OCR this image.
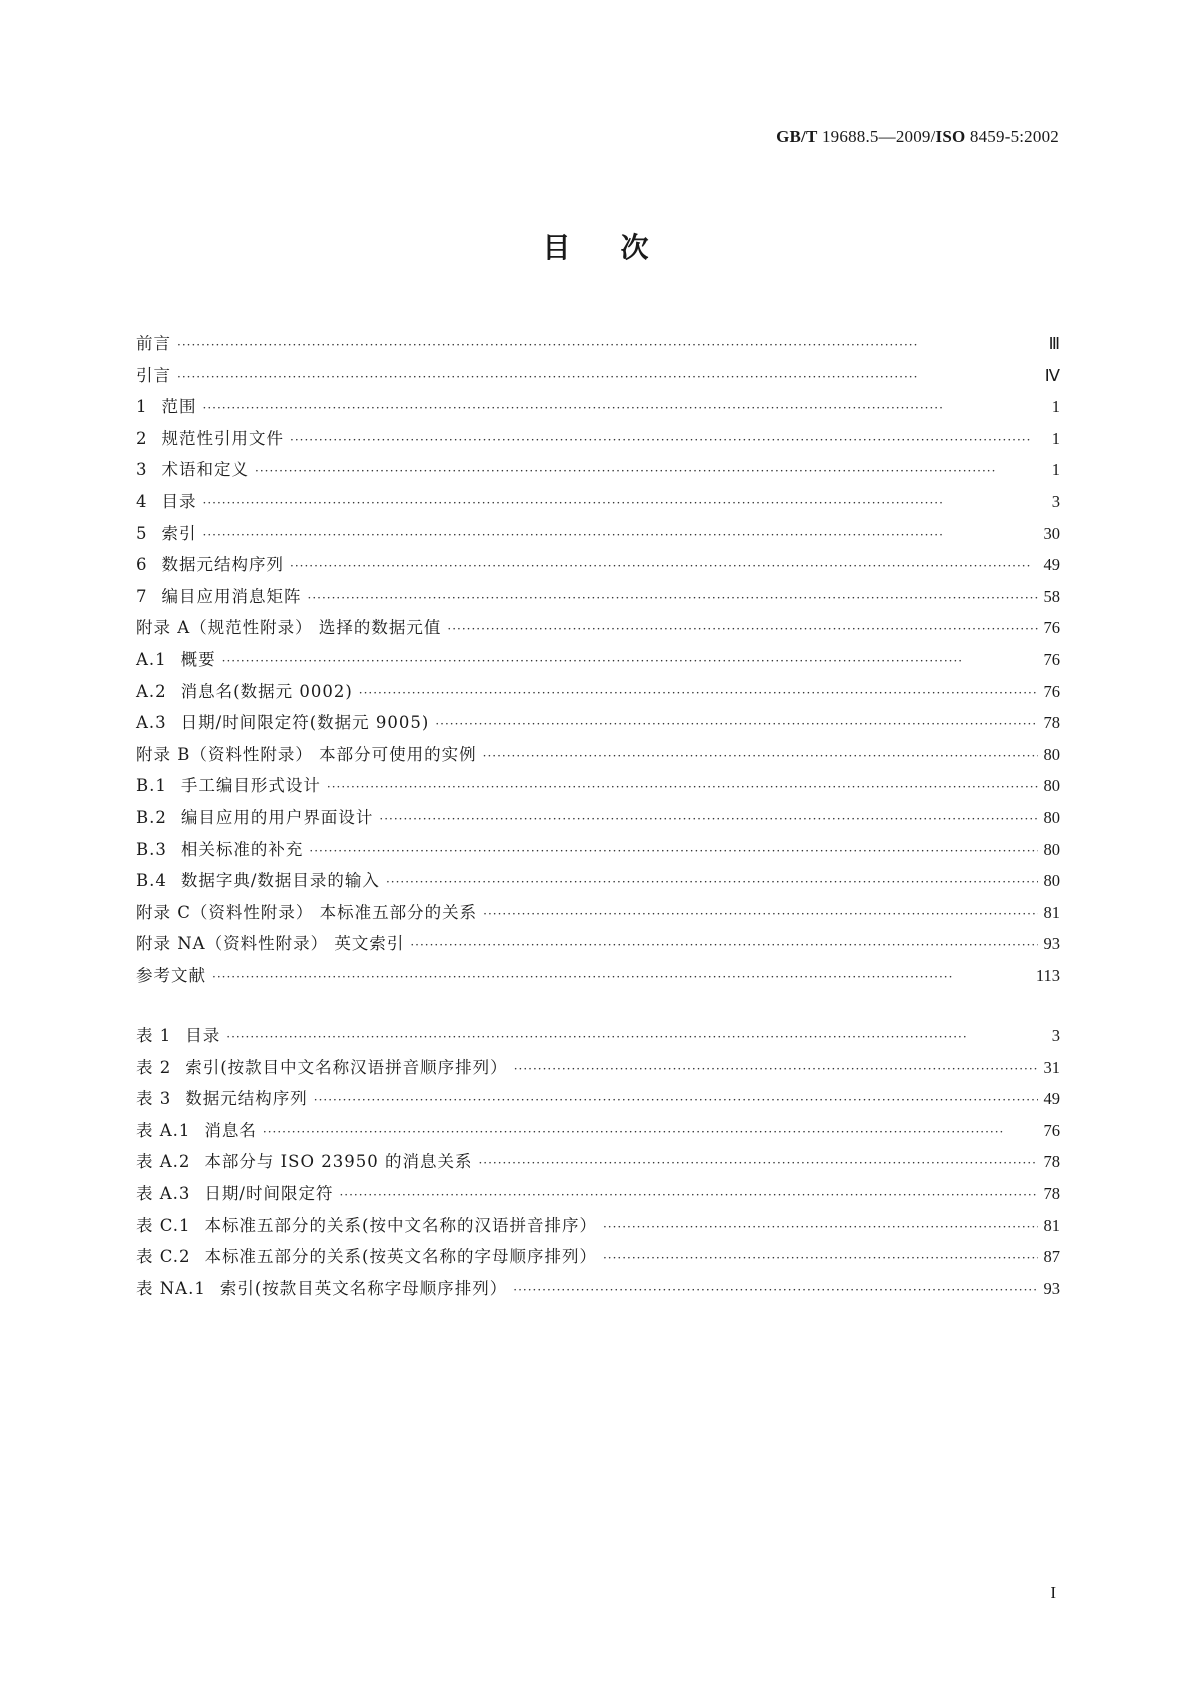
GB/T 19688.5—2009/ISO 8459-5:2002
目次
前言 ·····	Ⅲ
引言 ·····	Ⅳ
1 范围 ·····	1
2 规范性引用文件 ·····	1
3 术语和定义 ·····	1
4 目录 ·····	3
5 索引 ·····	30
6 数据元结构序列 ·····	49
7 编目应用消息矩阵 ·····	58
附录 A（规范性附录） 选择的数据元值 ·····	76
A.1 概要 ·····	76
A.2 消息名(数据元 0002) ·····	76
A.3 日期/时间限定符(数据元 9005) ·····	78
附录 B（资料性附录） 本部分可使用的实例 ·····	80
B.1 手工编目形式设计 ·····	80
B.2 编目应用的用户界面设计 ·····	80
B.3 相关标准的补充 ·····	80
B.4 数据字典/数据目录的输入 ·····	80
附录 C（资料性附录） 本标准五部分的关系 ·····	81
附录 NA（资料性附录） 英文索引 ·····	93
参考文献 ·····	113
表 1 目录 ·····	3
表 2 索引(按款目中文名称汉语拼音顺序排列） ·····	31
表 3 数据元结构序列 ·····	49
表 A.1 消息名 ·····	76
表 A.2 本部分与 ISO 23950 的消息关系 ·····	78
表 A.3 日期/时间限定符 ·····	78
表 C.1 本标准五部分的关系(按中文名称的汉语拼音排序） ·····	81
表 C.2 本标准五部分的关系(按英文名称的字母顺序排列） ·····	87
表 NA.1 索引(按款目英文名称字母顺序排列） ·····	93
I
